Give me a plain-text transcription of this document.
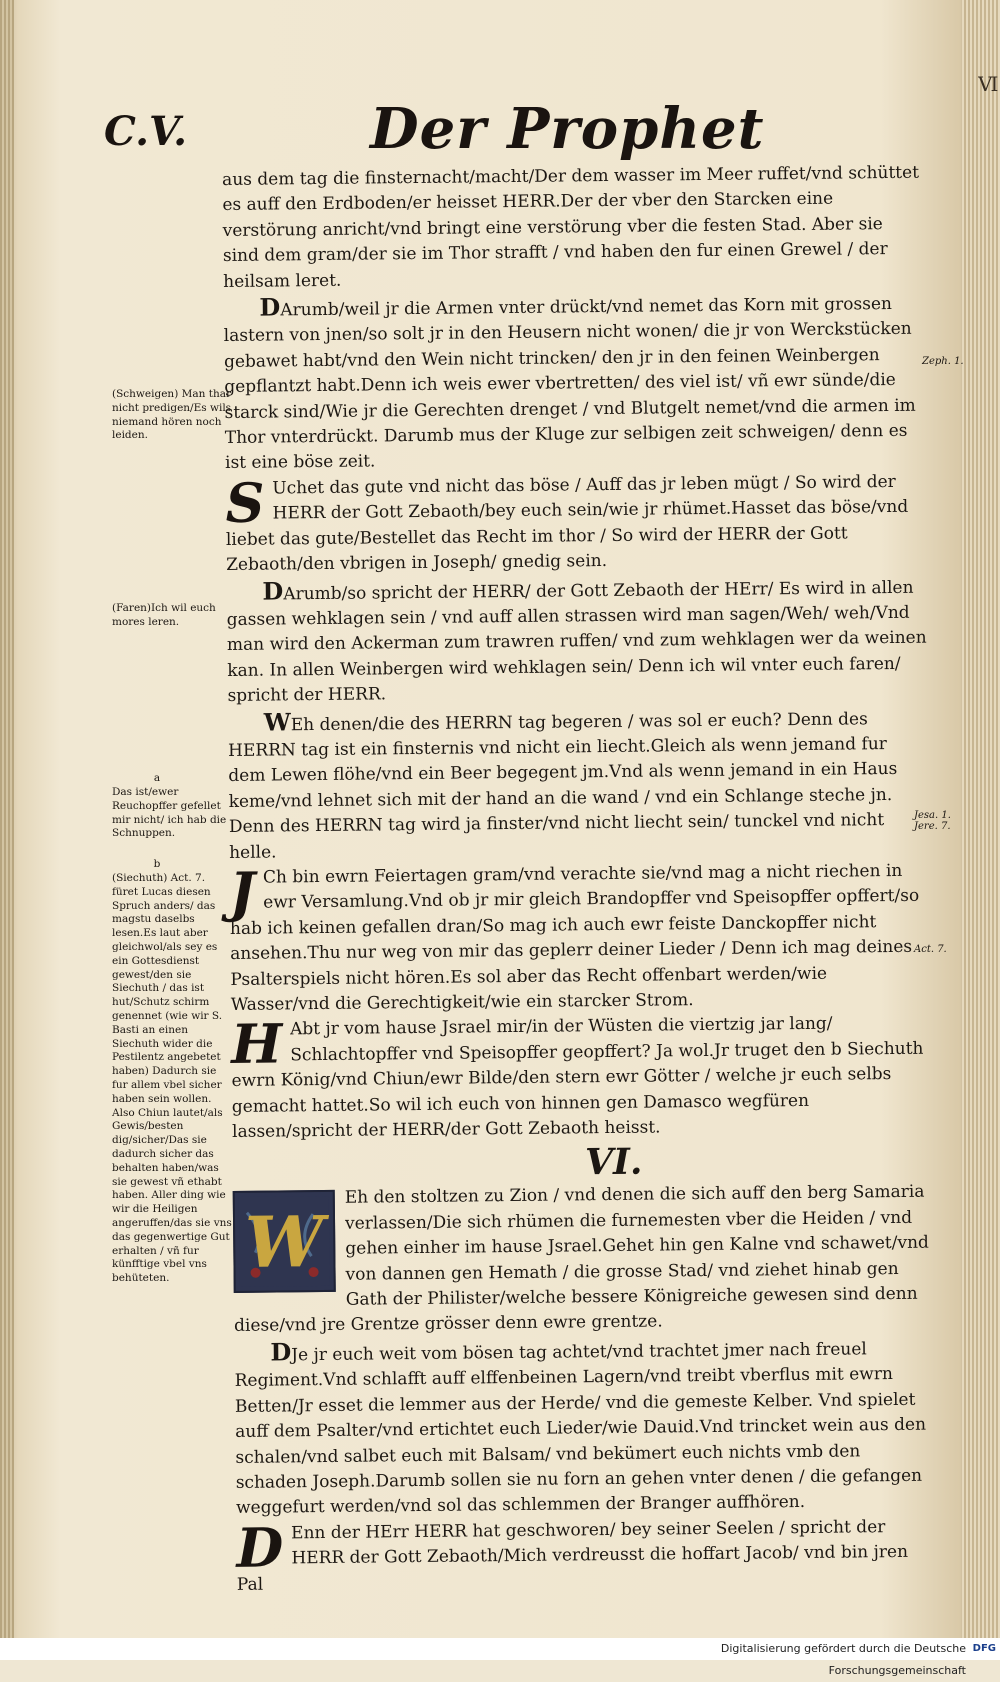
VI
C.V.	Der Prophet

aus dem tag die finsternacht/macht/Der dem wasser im Meer ruffet/vnd schüttet es auff den Erdboden/er heisset HERR.Der der vber den Starcken eine verstörung anricht/vnd bringt eine verstörung vber die festen Stad. Aber sie sind dem gram/der sie im Thor strafft / vnd haben den fur einen Grewel / der heilsam leret.

DArumb/weil jr die Armen vnter drückt/vnd nemet das Korn mit grossen lastern von jnen/so solt jr in den Heusern nicht wonen/ die jr von Werckstücken gebawet habt/vnd den Wein nicht trincken/ den jr in den feinen Weinbergen gepflantzt habt.Denn ich weis ewer vbertretten/ des viel ist/ vñ ewr sünde/die starck sind/Wie jr die Gerechten drenget / vnd Blutgelt nemet/vnd die armen im Thor vnterdrückt. Darumb mus der Kluge zur selbigen zeit schweigen/ denn es ist eine böse zeit.

S Uchet das gute vnd nicht das böse / Auff das jr leben mügt / So wird der HERR der Gott Zebaoth/bey euch sein/wie jr rhümet.Hasset das böse/vnd liebet das gute/Bestellet das Recht im thor / So wird der HERR der Gott Zebaoth/den vbrigen in Joseph/ gnedig sein.

DArumb/so spricht der HERR/ der Gott Zebaoth der HErr/ Es wird in allen gassen wehklagen sein / vnd auff allen strassen wird man sagen/Weh/ weh/Vnd man wird den Ackerman zum trawren ruffen/ vnd zum wehklagen wer da weinen kan. In allen Weinbergen wird wehklagen sein/ Denn ich wil vnter euch faren/ spricht der HERR.

WEh denen/die des HERRN tag begeren / was sol er euch? Denn des HERRN tag ist ein finsternis vnd nicht ein liecht.Gleich als wenn jemand fur dem Lewen flöhe/vnd ein Beer begegent jm.Vnd als wenn jemand in ein Haus keme/vnd lehnet sich mit der hand an die wand / vnd ein Schlange steche jn. Denn des HERRN tag wird ja finster/vnd nicht liecht sein/ tunckel vnd nicht helle.

J Ch bin ewrn Feiertagen gram/vnd verachte sie/vnd mag a nicht riechen in ewr Versamlung.Vnd ob jr mir gleich Brandopffer vnd Speisopffer opffert/so hab ich keinen gefallen dran/So mag ich auch ewr feiste Danckopffer nicht ansehen.Thu nur weg von mir das geplerr deiner Lieder / Denn ich mag deines Psalterspiels nicht hören.Es sol aber das Recht offenbart werden/wie Wasser/vnd die Gerechtigkeit/wie ein starcker Strom.

H Abt jr vom hause Jsrael mir/in der Wüsten die viertzig jar lang/ Schlachtopffer vnd Speisopffer geopffert? Ja wol.Jr truget den b Siechuth ewrn König/vnd Chiun/ewr Bilde/den stern ewr Götter / welche jr euch selbs gemacht hattet.So wil ich euch von hinnen gen Damasco wegfüren lassen/spricht der HERR/der Gott Zebaoth heisst.

VI.

W
Eh den stoltzen zu Zion / vnd denen die sich auff den berg Samaria verlassen/Die sich rhümen die furnemesten vber die Heiden / vnd gehen einher im hause Jsrael.Gehet hin gen Kalne vnd schawet/vnd von dannen gen Hemath / die grosse Stad/ vnd ziehet hinab gen Gath der Philister/welche bessere Königreiche gewesen sind denn diese/vnd jre Grentze grösser denn ewre grentze.

DJe jr euch weit vom bösen tag achtet/vnd trachtet jmer nach freuel Regiment.Vnd schlafft auff elffenbeinen Lagern/vnd treibt vberflus mit ewrn Betten/Jr esset die lemmer aus der Herde/ vnd die gemeste Kelber. Vnd spielet auff dem Psalter/vnd ertichtet euch Lieder/wie Dauid.Vnd trincket wein aus den schalen/vnd salbet euch mit Balsam/ vnd bekümert euch nichts vmb den schaden Joseph.Darumb sollen sie nu forn an gehen vnter denen / die gefangen weggefurt werden/vnd sol das schlemmen der Branger auffhören.

D Enn der HErr HERR hat geschworen/ bey seiner Seelen / spricht der HERR der Gott Zebaoth/Mich verdreusst die hoffart Jacob/ vnd bin jren Pal

(Schweigen) Man thar nicht predigen/Es wils niemand hören noch leiden.
(Faren)Ich wil euch mores leren.
a
Das ist/ewer Reuchopffer gefellet mir nicht/ ich hab die Schnuppen.
b
(Siechuth) Act. 7. füret Lucas diesen Spruch anders/ das magstu daselbs lesen.Es laut aber gleichwol/als sey es ein Gottesdienst gewest/den sie Siechuth / das ist hut/Schutz schirm genennet (wie wir S. Basti an einen Siechuth wider die Pestilentz angebetet haben) Dadurch sie fur allem vbel sicher haben sein wollen. Also Chiun lautet/als Gewis/besten dig/sicher/Das sie dadurch sicher das behalten haben/was sie gewest vñ ethabt haben. Aller ding wie wir die Heiligen angeruffen/das sie vns das gegenwertige Gut erhalten / vñ fur künfftige vbel vns behüteten.
Zeph. 1.
Jesa. 1. Jere. 7.
Act. 7.
Digitalisierung gefördert durch die Deutsche Forschungsgemeinschaft
DFG
